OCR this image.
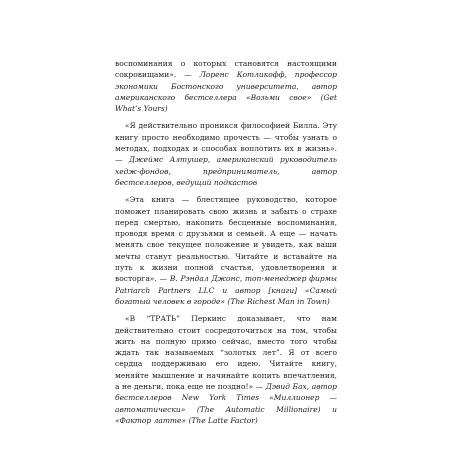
воспоминания о которых становятся настоящими сокровищами». — Лоренс Котликофф, профессор экономики Бостонского университета, автор американского бестселлера «Возьми свое» (Get What’s Yours)

«Я действительно проникся философией Билла. Эту книгу просто необходимо прочесть — чтобы узнать о методах, подходах и способах воплотить их в жизнь». — Джеймс Алтушер, американский руководитель хедж-фондов, предприниматель, автор бестселлеров, ведущий подкастов

«Эта книга — блестящее руководство, которое поможет планировать свою жизнь и забыть о страхе перед смертью, накопить бесценные воспоминания, проводя время с друзьями и семьей. А еще — начать менять свое текущее положение и увидеть, как ваши мечты станут реальностью. Читайте и вставайте на путь к жизни полной счастья, удовлетворения и восторга». — В. Рэндал Джонс, топ-менеджер фирмы Patriarch Partners LLC и автор [книги] «Самый богатый человек в городе» (The Richest Man in Town)

«В “ТРАТЬ” Перкинс доказывает, что нам действительно стоит сосредоточиться на том, чтобы жить на полную прямо сейчас, вместо того чтобы ждать так называемых “золотых лет”. Я от всего сердца поддерживаю его идею. Читайте книгу, меняйте мышление и начинайте копить впечатления, а не деньги, пока еще не поздно!» — Дэвид Бах, автор бестселлеров New York Times «Миллионер — автоматически» (The Automatic Millionaire) и «Фактор латте» (The Latte Factor)
